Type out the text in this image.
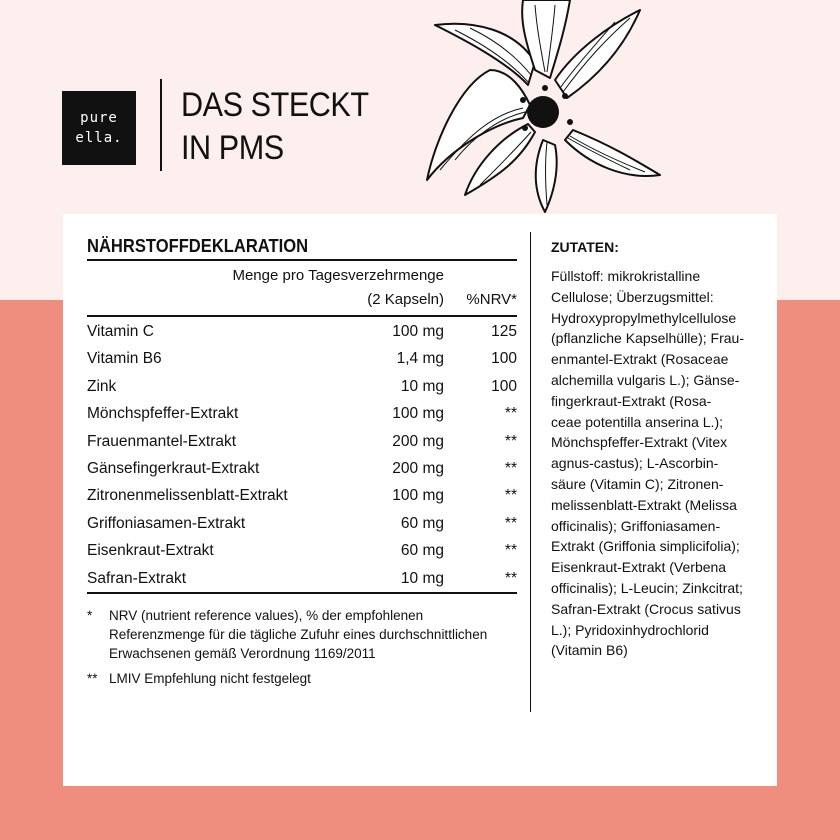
pure
ella.
DAS STECKT
IN PMS
NÄHRSTOFFDEKLARATION
Menge pro Tagesverzehrmenge
(2 Kapseln) %NRV*
Vitamin C	100 mg	125
Vitamin B6	1,4 mg	100
Zink	10 mg	100
Mönchspfeffer-Extrakt	100 mg	**
Frauenmantel-Extrakt	200 mg	**
Gänsefingerkraut-Extrakt	200 mg	**
Zitronenmelissenblatt-Extrakt	100 mg	**
Griffoniasamen-Extrakt	60 mg	**
Eisenkraut-Extrakt	60 mg	**
Safran-Extrakt	10 mg	**
* NRV (nutrient reference values), % der empfohlenen Referenzmenge für die tägliche Zufuhr eines durchschnittlichen Erwachsenen gemäß Verordnung 1169/2011
** LMIV Empfehlung nicht festgelegt
ZUTATEN:
Füllstoff: mikrokristalline
Cellulose; Überzugsmittel:
Hydroxypropylmethylcellulose
(pflanzliche Kapselhülle); Frau-
enmantel-Extrakt (Rosaceae
alchemilla vulgaris L.); Gänse-
fingerkraut-Extrakt (Rosa-
ceae potentilla anserina L.);
Mönchspfeffer-Extrakt (Vitex
agnus-castus); L-Ascorbin-
säure (Vitamin C); Zitronen-
melissenblatt-Extrakt (Melissa
officinalis); Griffoniasamen-
Extrakt (Griffonia simplicifolia);
Eisenkraut-Extrakt (Verbena
officinalis); L-Leucin; Zinkcitrat;
Safran-Extrakt (Crocus sativus
L.); Pyridoxinhydrochlorid
(Vitamin B6)
